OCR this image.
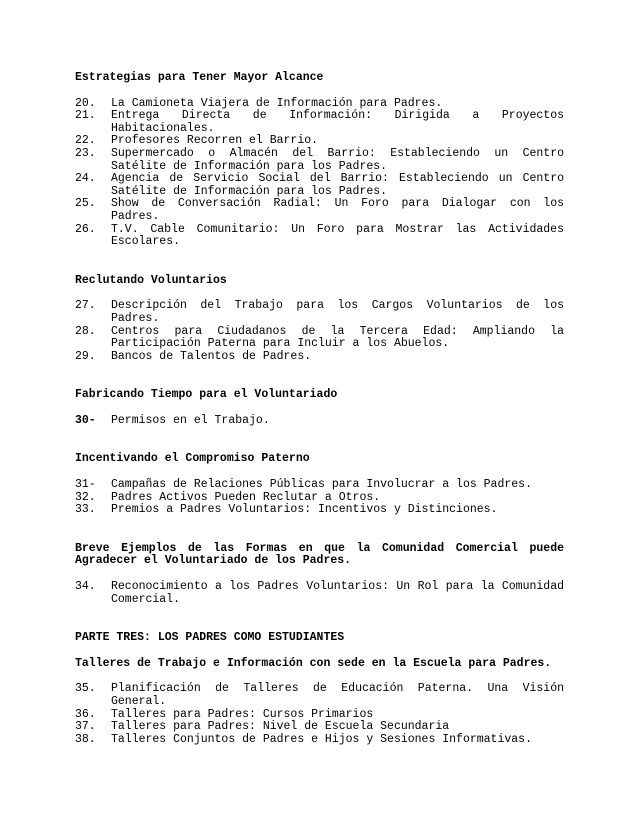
Estrategias para Tener Mayor Alcance

20.	La Camioneta Viajera de Información para Padres.
21.	Entrega Directa de Información: Dirigida a Proyectos Habitacionales.
22.	Profesores Recorren el Barrio.
23.	Supermercado o Almacén del Barrio: Estableciendo un Centro Satélite de Información para los Padres.
24.	Agencia de Servicio Social del Barrio: Estableciendo un Centro Satélite de Información para los Padres.
25.	Show de Conversación Radial: Un Foro para Dialogar con los Padres.
26.	T.V. Cable Comunitario: Un Foro para Mostrar las Actividades Escolares.

Reclutando Voluntarios

27.	Descripción del Trabajo para los Cargos Voluntarios de los Padres.
28.	Centros para Ciudadanos de la Tercera Edad: Ampliando la Participación Paterna para Incluir a los Abuelos.
29.	Bancos de Talentos de Padres.

Fabricando Tiempo para el Voluntariado

30-	Permisos en el Trabajo.

Incentivando el Compromiso Paterno

31-	Campañas de Relaciones Públicas para Involucrar a los Padres.
32.	Padres Activos Pueden Reclutar a Otros.
33.	Premios a Padres Voluntarios: Incentivos y Distinciones.

Breve Ejemplos de las Formas en que la Comunidad Comercial puede Agradecer el Voluntariado de los Padres.

34.	Reconocimiento a los Padres Voluntarios: Un Rol para la Comunidad Comercial.

PARTE TRES: LOS PADRES COMO ESTUDIANTES

Talleres de Trabajo e Información con sede en la Escuela para Padres.

35.	Planificación de Talleres de Educación Paterna. Una Visión General.
36.	Talleres para Padres: Cursos Primarios
37.	Talleres para Padres: Nivel de Escuela Secundaria
38.	Talleres Conjuntos de Padres e Hijos y Sesiones Informativas.
